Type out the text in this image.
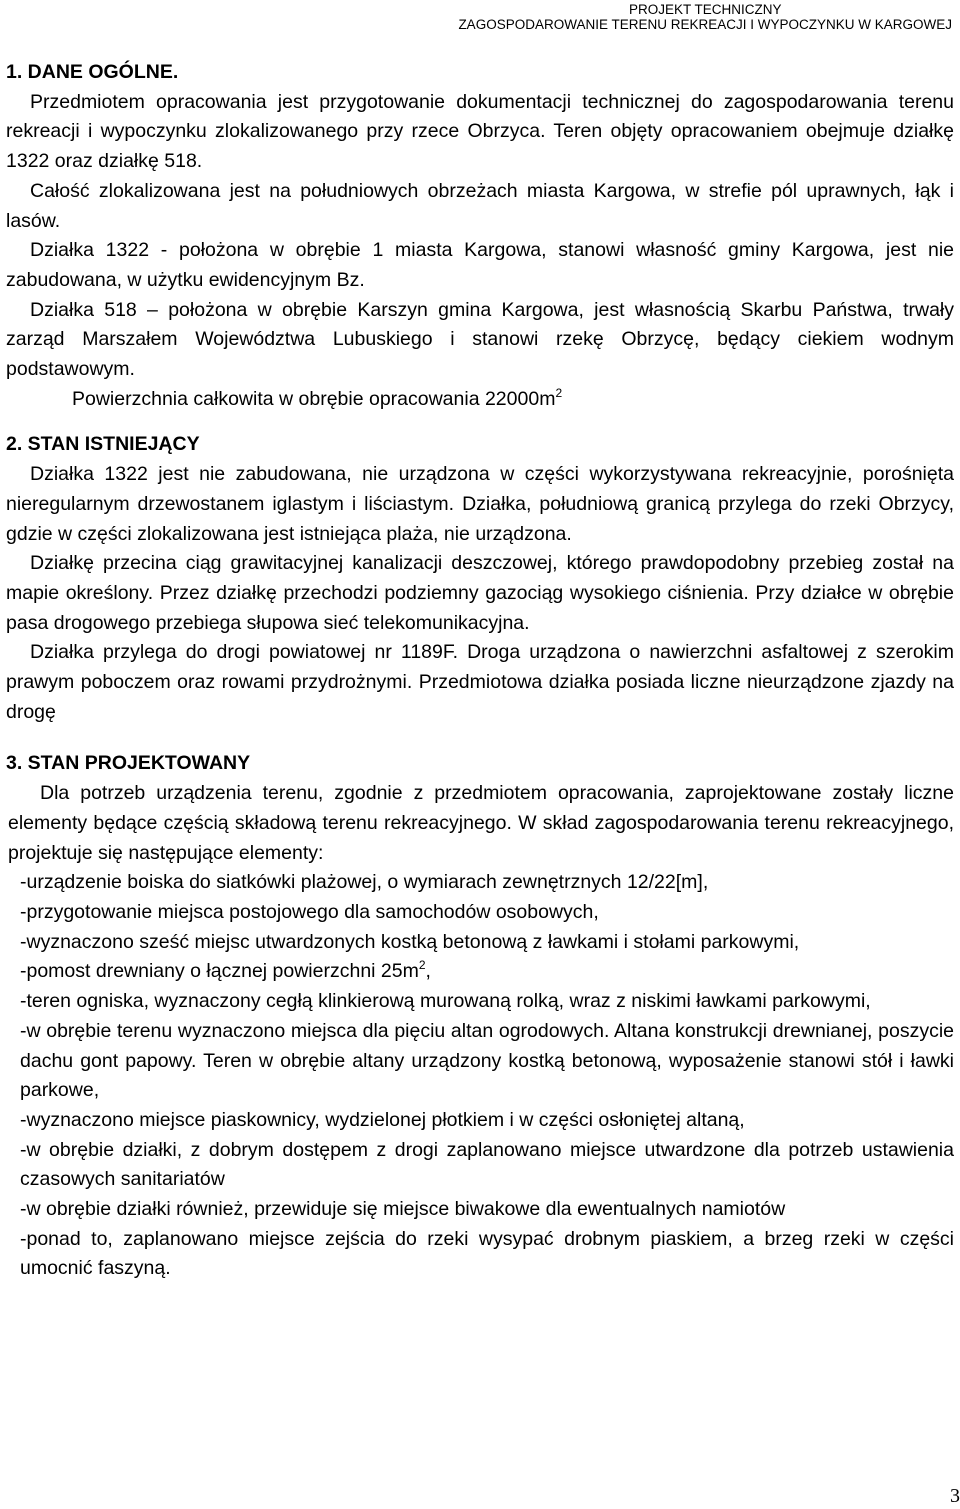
PROJEKT TECHNICZNY
ZAGOSPODAROWANIE TERENU REKREACJI I WYPOCZYNKU W KARGOWEJ

1. DANE OGÓLNE.

Przedmiotem opracowania jest przygotowanie dokumentacji technicznej do zagospodarowania terenu rekreacji i wypoczynku zlokalizowanego przy rzece Obrzyca. Teren objęty opracowaniem obejmuje działkę 1322 oraz działkę 518.

Całość zlokalizowana jest na południowych obrzeżach miasta Kargowa, w strefie pól uprawnych, łąk i lasów.

Działka 1322 - położona w obrębie 1 miasta Kargowa, stanowi własność gminy Kargowa, jest nie zabudowana, w użytku ewidencyjnym Bz.

Działka 518 – położona w obrębie Karszyn gmina Kargowa, jest własnością Skarbu Państwa, trwały zarząd Marszałem Województwa Lubuskiego i stanowi rzekę Obrzycę, będący ciekiem wodnym podstawowym.

Powierzchnia całkowita w obrębie opracowania $22000m^2$

2. STAN ISTNIEJĄCY

Działka 1322 jest nie zabudowana, nie urządzona w części wykorzystywana rekreacyjnie, porośnięta nieregularnym drzewostanem iglastym i liściastym. Działka, południową granicą przylega do rzeki Obrzycy, gdzie w części zlokalizowana jest istniejąca plaża, nie urządzona.

Działkę przecina ciąg grawitacyjnej kanalizacji deszczowej, którego prawdopodobny przebieg został na mapie określony. Przez działkę przechodzi podziemny gazociąg wysokiego ciśnienia. Przy działce w obrębie pasa drogowego przebiega słupowa sieć telekomunikacyjna.

Działka przylega do drogi powiatowej nr 1189F. Droga urządzona o nawierzchni asfaltowej z szerokim prawym poboczem oraz rowami przydrożnymi. Przedmiotowa działka posiada liczne nieurządzone zjazdy na drogę

3. STAN PROJEKTOWANY

Dla potrzeb urządzenia terenu, zgodnie z przedmiotem opracowania, zaprojektowane zostały liczne elementy będące częścią składową terenu rekreacyjnego. W skład zagospodarowania terenu rekreacyjnego, projektuje się następujące elementy:

-urządzenie boiska do siatkówki plażowej, o wymiarach zewnętrznych 12/22[m],

-przygotowanie miejsca postojowego dla samochodów osobowych,

-wyznaczono sześć miejsc utwardzonych kostką betonową z ławkami i stołami parkowymi,

-pomost drewniany o łącznej powierzchni $25m^2$,

-teren ogniska, wyznaczony cegłą klinkierową murowaną rolką, wraz z niskimi ławkami parkowymi,

-w obrębie terenu wyznaczono miejsca dla pięciu altan ogrodowych. Altana konstrukcji drewnianej, poszycie dachu gont papowy. Teren w obrębie altany urządzony kostką betonową, wyposażenie stanowi stół i ławki parkowe,

-wyznaczono miejsce piaskownicy, wydzielonej płotkiem i w części osłoniętej altaną,

-w obrębie działki, z dobrym dostępem z drogi zaplanowano miejsce utwardzone dla potrzeb ustawienia czasowych sanitariatów

-w obrębie działki również, przewiduje się miejsce biwakowe dla ewentualnych namiotów

-ponad to, zaplanowano miejsce zejścia do rzeki wysypać drobnym piaskiem, a brzeg rzeki w części umocnić faszyną.

3
